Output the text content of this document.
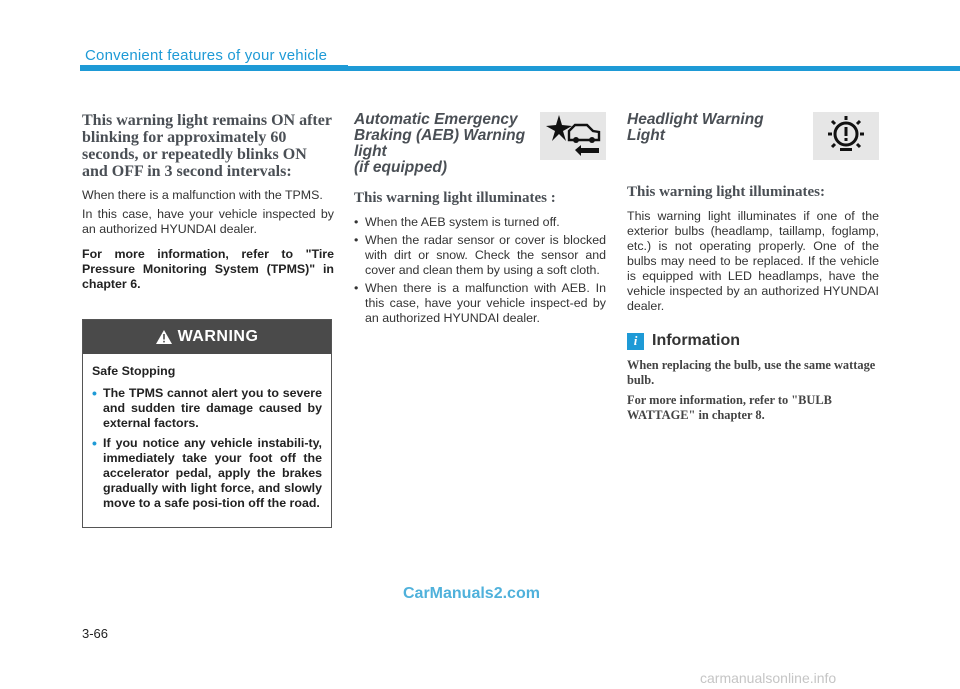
Convenient features of your vehicle
This warning light remains ON after blinking for approximately 60 seconds, or repeatedly blinks ON and OFF in 3 second intervals:

When there is a malfunction with the TPMS.

In this case, have your vehicle inspected by an authorized HYUNDAI dealer.

For more information, refer to "Tire Pressure Monitoring System (TPMS)" in chapter 6.

WARNING
Safe Stopping
• The TPMS cannot alert you to severe and sudden tire damage caused by external factors.
• If you notice any vehicle instabili-ty, immediately take your foot off the accelerator pedal, apply the brakes gradually with light force, and slowly move to a safe posi-tion off the road.
Automatic Emergency
Braking (AEB) Warning
light
(if equipped)
This warning light illuminates :
• When the AEB system is turned off.
• When the radar sensor or cover is blocked with dirt or snow. Check the sensor and cover and clean them by using a soft cloth.
• When there is a malfunction with AEB. In this case, have your vehicle inspect-ed by an authorized HYUNDAI dealer.
Headlight Warning
Light
This warning light illuminates:

This warning light illuminates if one of the exterior bulbs (headlamp, taillamp, foglamp, etc.) is not operating properly. One of the bulbs may need to be replaced. If the vehicle is equipped with LED headlamps, have the vehicle inspected by an authorized HYUNDAI dealer.

i Information

When replacing the bulb, use the same wattage bulb.

For more information, refer to "BULB WATTAGE" in chapter 8.

CarManuals2.com
3-66
carmanualsonline.info
